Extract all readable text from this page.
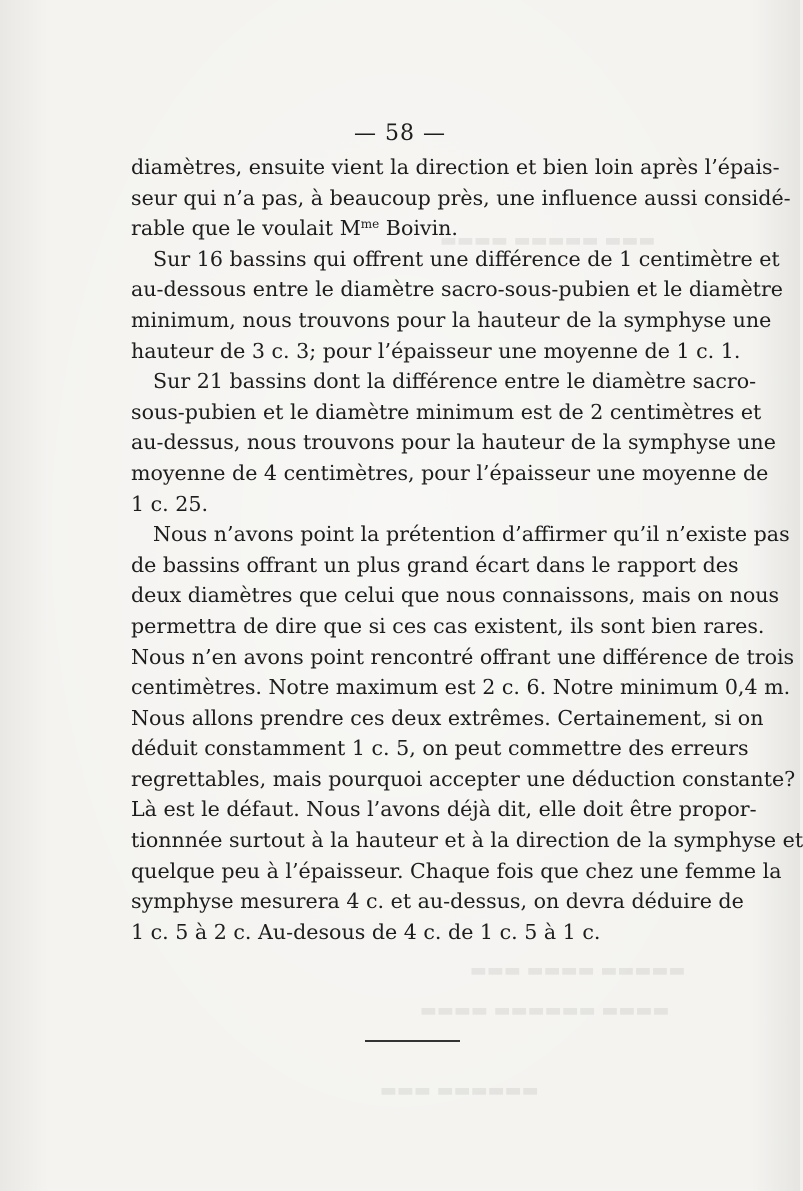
▬▬▬ ▬▬▬▬▬ ▬▬▬▬
▬▬▬▬▬ ▬▬▬▬ ▬▬▬
▬▬▬▬ ▬▬▬▬▬▬ ▬▬▬▬
▬▬▬▬▬▬ ▬▬▬
— 58 —
diamètres, ensuite vient la direction et bien loin après l’épais-
seur qui n’a pas, à beaucoup près, une influence aussi considé-
rable que le voulait $M^{me}$ Boivin.
Sur 16 bassins qui offrent une différence de 1 centimètre et
au-dessous entre le diamètre sacro-sous-pubien et le diamètre
minimum, nous trouvons pour la hauteur de la symphyse une
hauteur de 3 c. 3; pour l’épaisseur une moyenne de 1 c. 1.
Sur 21 bassins dont la différence entre le diamètre sacro-
sous-pubien et le diamètre minimum est de 2 centimètres et
au-dessus, nous trouvons pour la hauteur de la symphyse une
moyenne de 4 centimètres, pour l’épaisseur une moyenne de
1 c. 25.
Nous n’avons point la prétention d’affirmer qu’il n’existe pas
de bassins offrant un plus grand écart dans le rapport des
deux diamètres que celui que nous connaissons, mais on nous
permettra de dire que si ces cas existent, ils sont bien rares.
Nous n’en avons point rencontré offrant une différence de trois
centimètres. Notre maximum est 2 c. 6. Notre minimum 0,4 m.
Nous allons prendre ces deux extrêmes. Certainement, si on
déduit constamment 1 c. 5, on peut commettre des erreurs
regrettables, mais pourquoi accepter une déduction constante?
Là est le défaut. Nous l’avons déjà dit, elle doit être propor-
tionnnée surtout à la hauteur et à la direction de la symphyse et
quelque peu à l’épaisseur. Chaque fois que chez une femme la
symphyse mesurera 4 c. et au-dessus, on devra déduire de
1 c. 5 à 2 c. Au-desous de 4 c. de 1 c. 5 à 1 c.
